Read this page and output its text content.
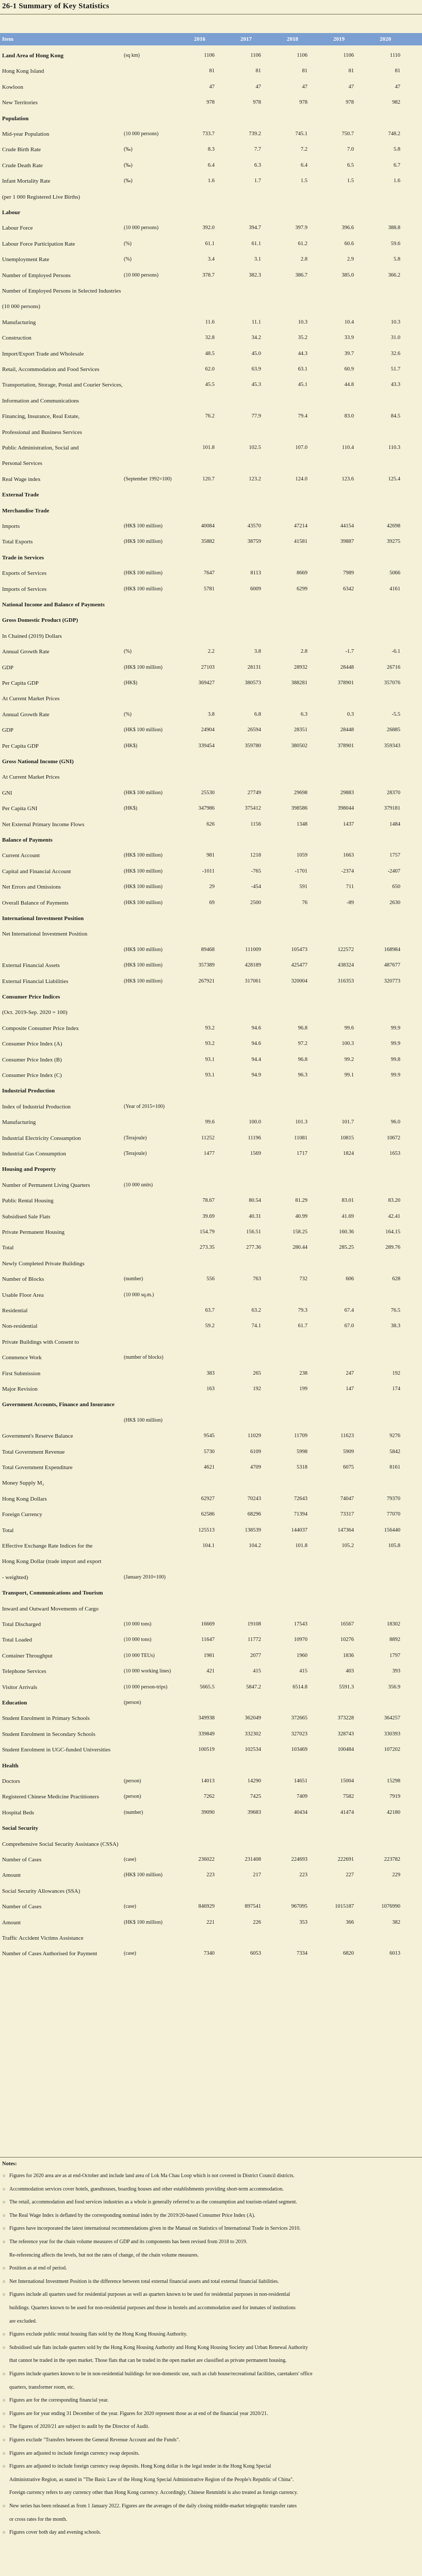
26-1 Summary of Key Statistics
Item	2016	2017	2018	2019	2020
Land Area of Hong Kong	(sq km)	1106	1106	1106	1106	1110
Hong Kong Island	81	81	81	81	81
Kowloon	47	47	47	47	47
New Territories	978	978	978	978	982
Population
Mid-year Population	(10 000 persons)	733.7	739.2	745.1	750.7	748.2
Crude Birth Rate	(‰)	8.3	7.7	7.2	7.0	5.8
Crude Death Rate	(‰)	6.4	6.3	6.4	6.5	6.7
Infant Mortality Rate	(‰)	1.6	1.7	1.5	1.5	1.6
(per 1 000 Registered Live Births)
Labour
Labour Force	(10 000 persons)	392.0	394.7	397.9	396.6	388.8
Labour Force Participation Rate	(%)	61.1	61.1	61.2	60.6	59.6
Unemployment Rate	(%)	3.4	3.1	2.8	2.9	5.8
Number of Employed Persons	(10 000 persons)	378.7	382.3	386.7	385.0	366.2
Number of Employed Persons in Selected Industries
(10 000 persons)
Manufacturing	11.6	11.1	10.3	10.4	10.3
Construction	32.8	34.2	35.2	33.9	31.0
Import/Export Trade and Wholesale	48.5	45.0	44.3	39.7	32.6
Retail, Accommodation and Food Services	62.0	63.9	63.1	60.9	51.7
Transportation, Storage, Postal and Courier Services,	45.5	45.3	45.1	44.8	43.3
Information and Communications
Financing, Insurance, Real Estate,	76.2	77.9	79.4	83.0	84.5
Professional and Business Services
Public Administration, Social and	101.8	102.5	107.0	110.4	110.3
Personal Services
Real Wage index	(September 1992=100)	120.7	123.2	124.0	123.6	125.4
External Trade
Merchandise Trade
Imports	(HK$ 100 million)	40084	43570	47214	44154	42698
Total Exports	(HK$ 100 million)	35882	38759	41581	39887	39275
Trade in Services
Exports of Services	(HK$ 100 million)	7647	8113	8669	7989	5066
Imports of Services	(HK$ 100 million)	5781	6009	6299	6342	4161
National Income and Balance of Payments
Gross Domestic Product (GDP)
In Chained (2019) Dollars
Annual Growth Rate	(%)	2.2	3.8	2.8	-1.7	-6.1
GDP	(HK$ 100 million)	27103	28131	28932	28448	26716
Per Capita GDP	(HK$)	369427	380573	388281	378901	357076
At Current Market Prices
Annual Growth Rate	(%)	3.8	6.8	6.3	0.3	-5.5
GDP	(HK$ 100 million)	24904	26594	28351	28448	26885
Per Capita GDP	(HK$)	339454	359780	380502	378901	359343
Gross National Income (GNI)
At Current Market Prices
GNI	(HK$ 100 million)	25530	27749	29698	29883	28370
Per Capita GNI	(HK$)	347986	375412	398586	398044	379181
Net External Primary Income Flows	626	1156	1348	1437	1484
Balance of Payments
Current Account	(HK$ 100 million)	981	1218	1059	1663	1757
Capital and Financial Account	(HK$ 100 million)	-1011	-765	-1701	-2374	-2407
Net Errors and Omissions	(HK$ 100 million)	29	-454	591	711	650
Overall Balance of Payments	(HK$ 100 million)	69	2500	76	-89	2630
International Investment Position
Net International Investment Position
(HK$ 100 million)	89468	111009	105473	122572	168984
External Financial Assets	(HK$ 100 million)	357389	428189	425477	438324	487677
External Financial Liabilities	(HK$ 100 million)	267921	317061	320004	316353	320773
Consumer Price Indices
(Oct. 2019-Sep. 2020 = 100)
Composite Consumer Price Index	93.2	94.6	96.8	99.6	99.9
Consumer Price Index (A)	93.2	94.6	97.2	100.3	99.9
Consumer Price Index (B)	93.1	94.4	96.8	99.2	99.8
Consumer Price Index (C)	93.1	94.9	96.3	99.1	99.9
Industrial Production
Index of Industrial Production	(Year of 2015=100)
Manufacturing	99.6	100.0	101.3	101.7	96.0
Industrial Electricity Consumption	(Terajoule)	11252	11196	11081	10815	10672
Industrial Gas Consumption	(Terajoule)	1477	1569	1717	1824	1653
Housing and Property
Number of Permanent Living Quarters	(10 000 units)
Public Rental Housing	78.67	80.54	81.29	83.01	83.20
Subsidised Sale Flats	39.69	40.31	40.99	41.69	42.41
Private Permanent Housing	154.79	156.51	158.25	160.36	164.15
Total	273.35	277.36	280.44	285.25	289.76
Newly Completed Private Buildings
Number of Blocks	(number)	556	763	732	606	628
Usable Floor Area	(10 000 sq.m.)
Residential	63.7	63.2	79.3	67.4	76.5
Non-residential	59.2	74.1	61.7	67.0	38.3
Private Buildings with Consent to
Commence Work	(number of blocks)
First Submission	383	265	238	247	192
Major Revision	163	192	199	147	174
Government Accounts, Finance and Insurance
(HK$ 100 million)
Government's Reserve Balance	9545	11029	11709	11623	9276
Total Government Revenue	5730	6109	5998	5909	5842
Total Government Expenditure	4621	4709	5318	6075	8161
Money Supply M₂
Hong Kong Dollars	62927	70243	72643	74047	79370
Foreign Currency	62586	68296	71394	73317	77070
Total	125513	138539	144037	147364	156440
Effective Exchange Rate Indices for the	104.1	104.2	101.8	105.2	105.8
Hong Kong Dollar (trade import and export
- weighted)	(January 2010=100)
Transport, Communications and Tourism
Inward and Outward Movements of Cargo
Total Discharged	(10 000 tons)	16669	19108	17543	16567	18302
Total Loaded	(10 000 tons)	11647	11772	10970	10276	8892
Container Throughput	(10 000 TEUs)	1981	2077	1960	1836	1797
Telephone Services	(10 000 working lines)	421	415	415	403	393
Visitor Arrivals	(10 000 person-trips)	5665.5	5847.2	6514.8	5591.3	356.9
Education	(person)
Student Enrolment in Primary Schools	349938	362049	372665	373228	364257
Student Enrolment in Secondary Schools	339849	332302	327023	328743	330393
Student Enrolment in UGC-funded Universities	100519	102534	103469	100484	107202
Health
Doctors	(person)	14013	14290	14651	15004	15298
Registered Chinese Medicine Practitioners	(person)	7262	7425	7409	7582	7919
Hospital Beds	(number)	39090	39683	40434	41474	42180
Social Security
Comprehensive Social Security Assistance (CSSA)
Number of Cases	(case)	236022	231408	224693	222691	223782
Amount	(HK$ 100 million)	223	217	223	227	229
Social Security Allowances (SSA)
Number of Cases	(case)	846929	897541	967095	1015187	1076990
Amount	(HK$ 100 million)	221	226	353	366	382
Traffic Accident Victims Assistance
Number of Cases Authorised for Payment	(case)	7340	6053	7334	6820	6013
Notes:
○ Figures for 2020 area are as at end-October and include land area of Lok Ma Chau Loop which is not covered in District Council districts.
○ Accommodation services cover hotels, guesthouses, boarding houses and other establishments providing short-term accommodation.
○ The retail, accommodation and food services industries as a whole is generally referred to as the consumption and tourism-related segment.
○ The Real Wage Index is deflated by the corresponding nominal index by the 2019/20-based Consumer Price Index (A).
○ Figures have incorporated the latest international recommendations given in the Manual on Statistics of International Trade in Services 2010.
○ The reference year for the chain volume measures of GDP and its components has been revised from 2018 to 2019.
Re-referencing affects the levels, but not the rates of change, of the chain volume measures.
○ Position as at end of period.
○ Net International Investment Position is the difference between total external financial assets and total external financial liabilities.
○ Figures include all quarters used for residential purposes as well as quarters known to be used for residential purposes in non-residential
buildings. Quarters known to be used for non-residential purposes and those in hostels and accommodation used for inmates of institutions
are excluded.
○ Figures exclude public rental housing flats sold by the Hong Kong Housing Authority.
○ Subsidised sale flats include quarters sold by the Hong Kong Housing Authority and Hong Kong Housing Society and Urban Renewal Authority
that cannot be traded in the open market. Those flats that can be traded in the open market are classified as private permanent housing.
○ Figures include quarters known to be in non-residential buildings for non-domestic use, such as club house/recreational facilities, caretakers' office
quarters, transformer room, etc.
○ Figures are for the corresponding financial year.
○ Figures are for year ending 31 December of the year. Figures for 2020 represent those as at end of the financial year 2020/21.
○ The figures of 2020/21 are subject to audit by the Director of Audit.
○ Figures exclude "Transfers between the General Revenue Account and the Funds".
○ Figures are adjusted to include foreign currency swap deposits.
○ Figures are adjusted to include foreign currency swap deposits. Hong Kong dollar is the legal tender in the Hong Kong Special
Administrative Region, as stated in "The Basic Law of the Hong Kong Special Administrative Region of the People's Republic of China".
Foreign currency refers to any currency other than Hong Kong currency. Accordingly, Chinese Renminbi is also treated as foreign currency.
○ New series has been released as from 1 January 2022. Figures are the averages of the daily closing middle-market telegraphic transfer rates
or cross rates for the month.
○ Figures cover both day and evening schools.
